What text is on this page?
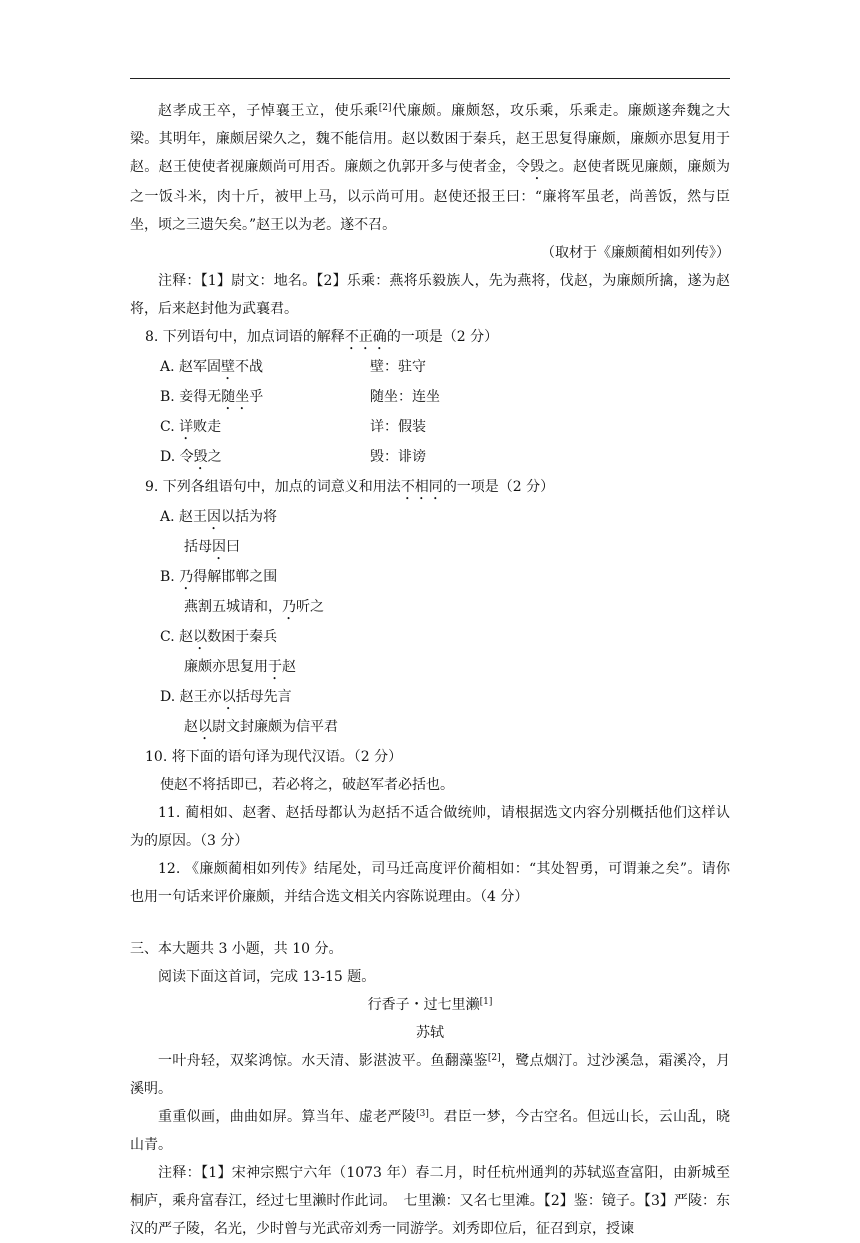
赵孝成王卒，子悼襄王立，使乐乘[2]代廉颇。廉颇怒，攻乐乘，乐乘走。廉颇遂奔魏之大梁。其明年，廉颇居梁久之，魏不能信用。赵以数困于秦兵，赵王思复得廉颇，廉颇亦思复用于赵。赵王使使者视廉颇尚可用否。廉颇之仇郭开多与使者金，令毁之。赵使者既见廉颇，廉颇为之一饭斗米，肉十斤，被甲上马，以示尚可用。赵使还报王曰：“廉将军虽老，尚善饭，然与臣坐，顷之三遗矢矣。”赵王以为老。遂不召。

（取材于《廉颇蔺相如列传》）

注释：【1】尉文：地名。【2】乐乘：燕将乐毅族人，先为燕将，伐赵，为廉颇所擒，遂为赵将，后来赵封他为武襄君。

8. 下列语句中，加点词语的解释不正确的一项是（2 分）

A. 赵军固壁不战	壁：驻守
B. 妾得无随坐乎	随坐：连坐
C. 详败走	详：假装
D. 令毁之	毁：诽谤

9. 下列各组语句中，加点的词意义和用法不相同的一项是（2 分）

A. 赵王因以括为将

括母因曰

B. 乃得解邯郸之围

燕割五城请和，乃听之

C. 赵以数困于秦兵

廉颇亦思复用于赵

D. 赵王亦以括母先言

赵以尉文封廉颇为信平君

10. 将下面的语句译为现代汉语。（2 分）

使赵不将括即已，若必将之，破赵军者必括也。

11. 蔺相如、赵奢、赵括母都认为赵括不适合做统帅，请根据选文内容分别概括他们这样认为的原因。（3 分）

12. 《廉颇蔺相如列传》结尾处，司马迁高度评价蔺相如：“其处智勇，可谓兼之矣”。请你也用一句话来评价廉颇，并结合选文相关内容陈说理由。（4 分）

三、本大题共 3 小题，共 10 分。

阅读下面这首词，完成 13-15 题。

行香子・过七里濑[1]

苏轼

一叶舟轻，双桨鸿惊。水天清、影湛波平。鱼翻藻鉴[2]，鹭点烟汀。过沙溪急，霜溪冷，月溪明。

重重似画，曲曲如屏。算当年、虚老严陵[3]。君臣一梦，今古空名。但远山长，云山乱，晓山青。

注释：【1】宋神宗熙宁六年（1073 年）春二月，时任杭州通判的苏轼巡查富阳，由新城至桐庐，乘舟富春江，经过七里濑时作此词。　七里濑：又名七里滩。【2】鉴：镜子。【3】严陵：东汉的严子陵，名光，少时曾与光武帝刘秀一同游学。刘秀即位后，征召到京，授谏
